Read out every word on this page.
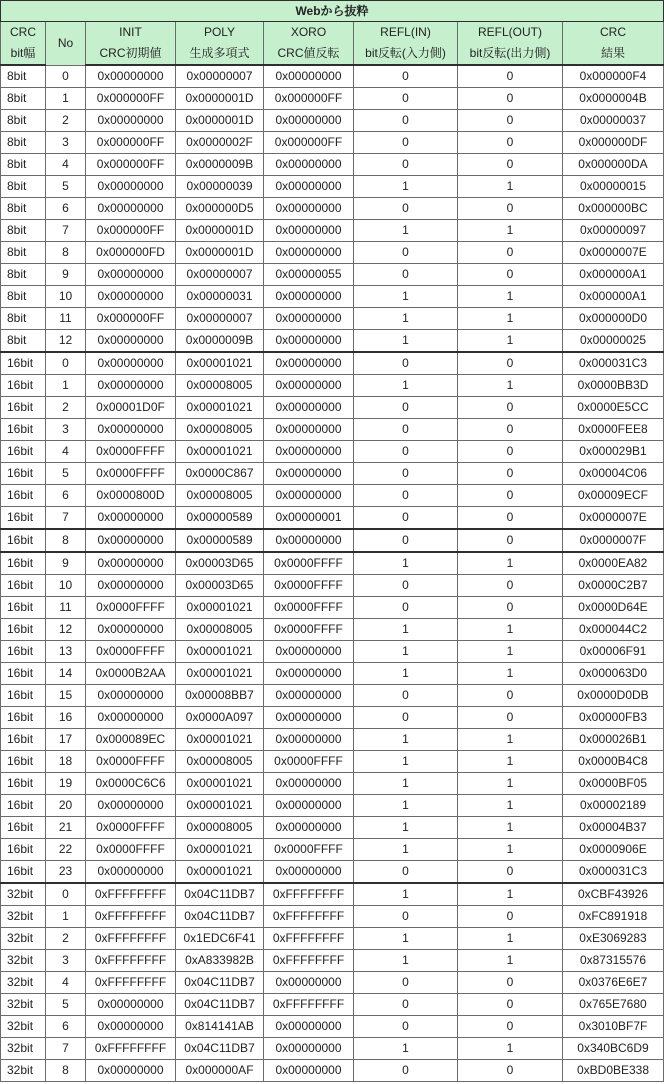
Webから抜粋							
CRC	No	INIT	POLY	XORO	REFL(IN)	REFL(OUT)	CRC
bit幅		CRC初期値	生成多項式	CRC値反転	bit反転(入力側)	bit反転(出力側)	結果
8bit	0	0x00000000	0x00000007	0x00000000	0	0	0x000000F4
8bit	1	0x000000FF	0x0000001D	0x000000FF	0	0	0x0000004B
8bit	2	0x00000000	0x0000001D	0x00000000	0	0	0x00000037
8bit	3	0x000000FF	0x0000002F	0x000000FF	0	0	0x000000DF
8bit	4	0x000000FF	0x0000009B	0x00000000	0	0	0x000000DA
8bit	5	0x00000000	0x00000039	0x00000000	1	1	0x00000015
8bit	6	0x00000000	0x000000D5	0x00000000	0	0	0x000000BC
8bit	7	0x000000FF	0x0000001D	0x00000000	1	1	0x00000097
8bit	8	0x000000FD	0x0000001D	0x00000000	0	0	0x0000007E
8bit	9	0x00000000	0x00000007	0x00000055	0	0	0x000000A1
8bit	10	0x00000000	0x00000031	0x00000000	1	1	0x000000A1
8bit	11	0x000000FF	0x00000007	0x00000000	1	1	0x000000D0
8bit	12	0x00000000	0x0000009B	0x00000000	1	1	0x00000025
16bit	0	0x00000000	0x00001021	0x00000000	0	0	0x000031C3
16bit	1	0x00000000	0x00008005	0x00000000	1	1	0x0000BB3D
16bit	2	0x00001D0F	0x00001021	0x00000000	0	0	0x0000E5CC
16bit	3	0x00000000	0x00008005	0x00000000	0	0	0x0000FEE8
16bit	4	0x0000FFFF	0x00001021	0x00000000	0	0	0x000029B1
16bit	5	0x0000FFFF	0x0000C867	0x00000000	0	0	0x00004C06
16bit	6	0x0000800D	0x00008005	0x00000000	0	0	0x00009ECF
16bit	7	0x00000000	0x00000589	0x00000001	0	0	0x0000007E
16bit	8	0x00000000	0x00000589	0x00000000	0	0	0x0000007F
16bit	9	0x00000000	0x00003D65	0x0000FFFF	1	1	0x0000EA82
16bit	10	0x00000000	0x00003D65	0x0000FFFF	0	0	0x0000C2B7
16bit	11	0x0000FFFF	0x00001021	0x0000FFFF	0	0	0x0000D64E
16bit	12	0x00000000	0x00008005	0x0000FFFF	1	1	0x000044C2
16bit	13	0x0000FFFF	0x00001021	0x00000000	1	1	0x00006F91
16bit	14	0x0000B2AA	0x00001021	0x00000000	1	1	0x000063D0
16bit	15	0x00000000	0x00008BB7	0x00000000	0	0	0x0000D0DB
16bit	16	0x00000000	0x0000A097	0x00000000	0	0	0x00000FB3
16bit	17	0x000089EC	0x00001021	0x00000000	1	1	0x000026B1
16bit	18	0x0000FFFF	0x00008005	0x0000FFFF	1	1	0x0000B4C8
16bit	19	0x0000C6C6	0x00001021	0x00000000	1	1	0x0000BF05
16bit	20	0x00000000	0x00001021	0x00000000	1	1	0x00002189
16bit	21	0x0000FFFF	0x00008005	0x00000000	1	1	0x00004B37
16bit	22	0x0000FFFF	0x00001021	0x0000FFFF	1	1	0x0000906E
16bit	23	0x00000000	0x00001021	0x00000000	0	0	0x000031C3
32bit	0	0xFFFFFFFF	0x04C11DB7	0xFFFFFFFF	1	1	0xCBF43926
32bit	1	0xFFFFFFFF	0x04C11DB7	0xFFFFFFFF	0	0	0xFC891918
32bit	2	0xFFFFFFFF	0x1EDC6F41	0xFFFFFFFF	1	1	0xE3069283
32bit	3	0xFFFFFFFF	0xA833982B	0xFFFFFFFF	1	1	0x87315576
32bit	4	0xFFFFFFFF	0x04C11DB7	0x00000000	0	0	0x0376E6E7
32bit	5	0x00000000	0x04C11DB7	0xFFFFFFFF	0	0	0x765E7680
32bit	6	0x00000000	0x814141AB	0x00000000	0	0	0x3010BF7F
32bit	7	0xFFFFFFFF	0x04C11DB7	0x00000000	1	1	0x340BC6D9
32bit	8	0x00000000	0x000000AF	0x00000000	0	0	0xBD0BE338
